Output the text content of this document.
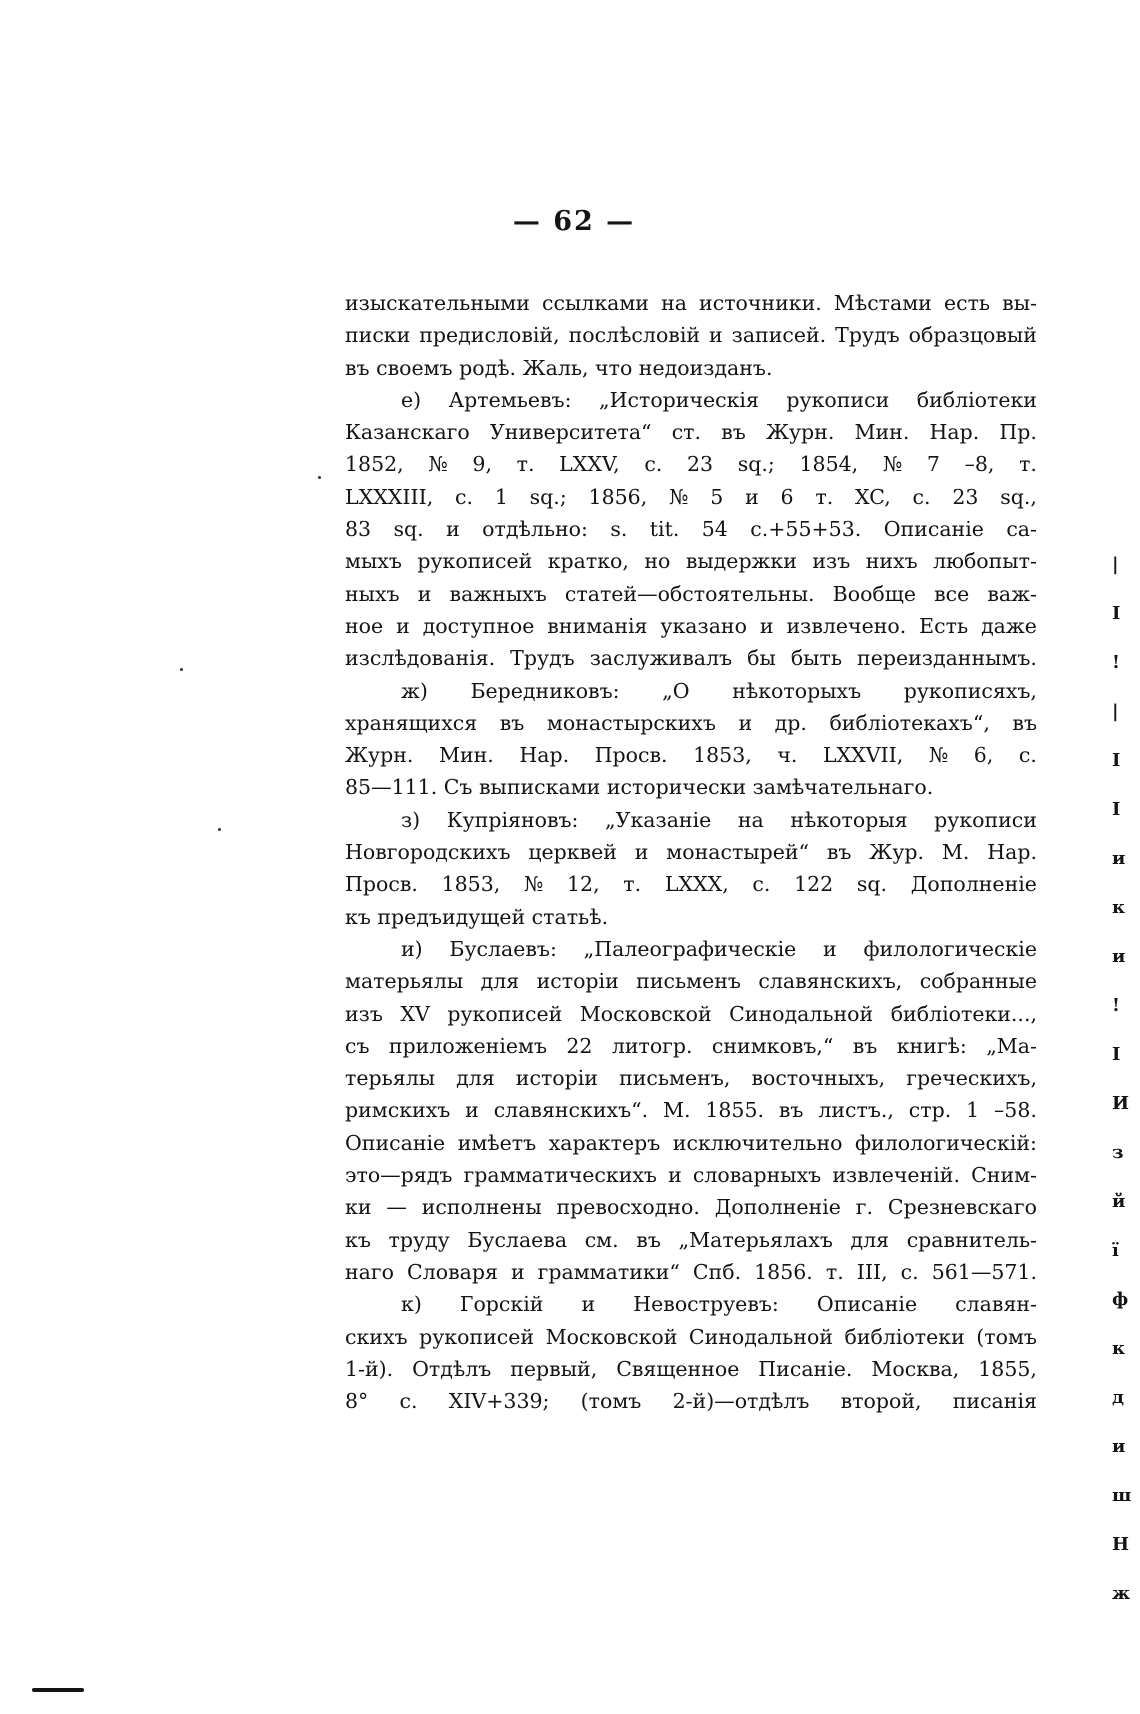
— 62 —
изыскательными ссылками на источники. Мѣстами есть вы-
писки предисловій, послѣсловій и записей. Трудъ образцовый
въ своемъ родѣ. Жаль, что недоизданъ.
е) Артемьевъ: „Историческія рукописи библіотеки
Казанскаго Университета“ ст. въ Журн. Мин. Нар. Пр.
1852, № 9, т. LXXV, с. 23 sq.; 1854, № 7 –8, т.
LXXXIII, с. 1 sq.; 1856, № 5 и 6 т. XC, с. 23 sq.,
83 sq. и отдѣльно: s. tit. 54 с.+55+53. Описаніе са-
мыхъ рукописей кратко, но выдержки изъ нихъ любопыт-
ныхъ и важныхъ статей—обстоятельны. Вообще все важ-
ное и доступное вниманія указано и извлечено. Есть даже
изслѣдованія. Трудъ заслуживалъ бы быть переизданнымъ.
ж) Бередниковъ: „О нѣкоторыхъ рукописяхъ,
хранящихся въ монастырскихъ и др. библіотекахъ“, въ
Журн. Мин. Нар. Просв. 1853, ч. LXXVII, № 6, с.
85—111. Съ выписками исторически замѣчательнаго.
з) Купріяновъ: „Указаніе на нѣкоторыя рукописи
Новгородскихъ церквей и монастырей“ въ Жур. М. Нар.
Просв. 1853, № 12, т. LXXX, с. 122 sq. Дополненіе
къ предъидущей статьѣ.
и) Буслаевъ: „Палеографическіе и филологическіе
матерьялы для исторіи письменъ славянскихъ, собранные
изъ XV рукописей Московской Синодальной библіотеки...,
съ приложеніемъ 22 литогр. снимковъ,“ въ книгѣ: „Ма-
терьялы для исторіи письменъ, восточныхъ, греческихъ,
римскихъ и славянскихъ“. М. 1855. въ листъ., стр. 1 –58.
Описаніе имѣетъ характеръ исключительно филологическій:
это—рядъ грамматическихъ и словарныхъ извлеченій. Сним-
ки — исполнены превосходно. Дополненіе г. Срезневскаго
къ труду Буслаева см. въ „Матерьялахъ для сравнитель-
наго Словаря и грамматики“ Спб. 1856. т. III, с. 561—571.
к) Горскій и Невоструевъ: Описаніе славян-
скихъ рукописей Московской Синодальной библіотеки (томъ
1-й). Отдѣлъ первый, Священное Писаніе. Москва, 1855,
8° с. XIV+339; (томъ 2-й)—отдѣлъ второй, писанія
|
І
!
|
І
І
и
к
и
!
І
И
з
й
ї
ф
к
д
и
ш
Н
ж
